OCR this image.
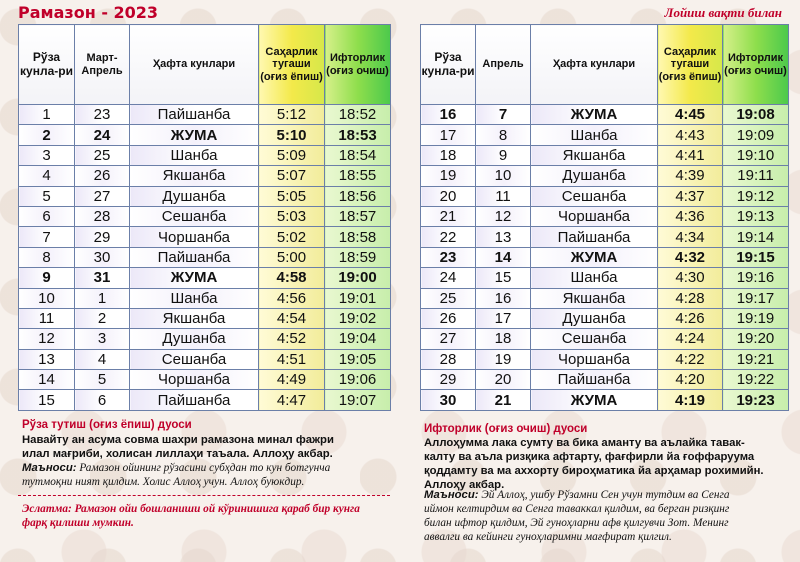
Рамазон - 2023	Лойиш вақти билан
Рўза кунла-ри	Март-Апрель	Ҳафта кунлари	Саҳарлик тугаши (оғиз ёпиш)	Ифторлик (оғиз очиш)
1	23	Пайшанба	5:12	18:52
2	24	ЖУМА	5:10	18:53
3	25	Шанба	5:09	18:54
4	26	Якшанба	5:07	18:55
5	27	Душанба	5:05	18:56
6	28	Сешанба	5:03	18:57
7	29	Чоршанба	5:02	18:58
8	30	Пайшанба	5:00	18:59
9	31	ЖУМА	4:58	19:00
10	1	Шанба	4:56	19:01
11	2	Якшанба	4:54	19:02
12	3	Душанба	4:52	19:04
13	4	Сешанба	4:51	19:05
14	5	Чоршанба	4:49	19:06
15	6	Пайшанба	4:47	19:07
Рўза кунла-ри	Апрель	Ҳафта кунлари	Саҳарлик тугаши (оғиз ёпиш)	Ифторлик (оғиз очиш)
16	7	ЖУМА	4:45	19:08
17	8	Шанба	4:43	19:09
18	9	Якшанба	4:41	19:10
19	10	Душанба	4:39	19:11
20	11	Сешанба	4:37	19:12
21	12	Чоршанба	4:36	19:13
22	13	Пайшанба	4:34	19:14
23	14	ЖУМА	4:32	19:15
24	15	Шанба	4:30	19:16
25	16	Якшанба	4:28	19:17
26	17	Душанба	4:26	19:19
27	18	Сешанба	4:24	19:20
28	19	Чоршанба	4:22	19:21
29	20	Пайшанба	4:20	19:22
30	21	ЖУМА	4:19	19:23
Рўза тутиш (оғиз ёпиш) дуоси
Навайту ан асума совма шахри рамазона минал фажри
илал мағриби, холисан лиллаҳи таъала. Аллоҳу акбар.
Маъноси: Рамазон ойининг рўзасини субҳдан то кун ботгунча
тутмоқни ният қилдим. Холис Аллоҳ учун. Аллоҳ буюкдир.
Эслатма: Рамазон ойи бошланиши ой кўринишига қараб бир кунга
фарқ қилиши мумкин.
Ифторлик (оғиз очиш) дуоси
Аллоҳумма лака сумту ва бика аманту ва аълайка тавак-
калту ва аъла ризқика афтарту, фағфирли йа ғоффаруума
қоддамту ва ма аххорту бироҳматика йа арҳамар рохимийн.
Аллоҳу акбар.
Маъноси: Эй Аллоҳ, ушбу Рўзамни Сен учун тутдим ва Сенга
иймон келтирдим ва Сенга таваккал қилдим, ва берган ризқинг
билан ифтор қилдим, Эй гуноҳларни афв қилгувчи Зот. Менинг
аввалги ва кейинги гуноҳларимни мағфират қилгил.
